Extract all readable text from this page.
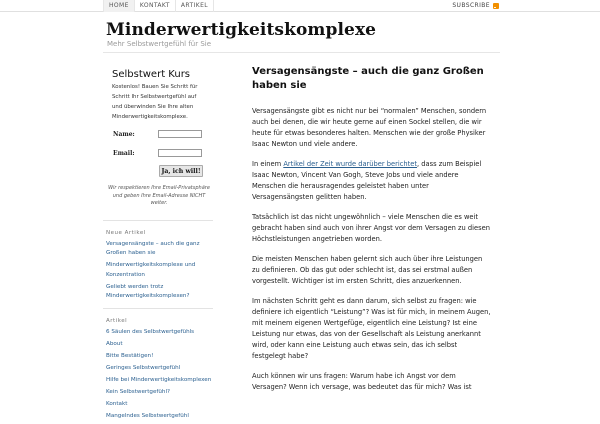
HOME	KONTAKT	ARTIKEL	SUBSCRIBE
Minderwertigkeitskomplexe
Mehr Selbstwertgefühl für Sie
Selbstwert Kurs
Kostenlos! Bauen Sie Schritt für Schritt Ihr Selbstwertgefühl auf und überwinden Sie Ihre alten Minderwertigkeitskomplexe.
Name:
Email:
Ja, ich will!
Wir respektieren Ihre Email-Privatsphäre und geben Ihre Email-Adresse NICHT weiter.
Neue Artikel
Versagensängste – auch die ganz Großen haben sie
Minderwertigkeitskomplexe und Konzentration
Geliebt werden trotz Minderwertigkeitskomplexen?
Artikel
6 Säulen des Selbstwertgefühls
About
Bitte Bestätigen!
Geringes Selbstwertgefühl
Hilfe bei Minderwertigkeitskomplexen
Kein Selbstwertgefühl?
Kontakt
Mangelndes Selbstwertgefühl
Versagensängste – auch die ganz Großen haben sie

Versagensängste gibt es nicht nur bei “normalen” Menschen, sondern auch bei denen, die wir heute gerne auf einen Sockel stellen, die wir heute für etwas besonderes halten. Menschen wie der große Physiker Isaac Newton und viele andere.

In einem Artikel der Zeit wurde darüber berichtet, dass zum Beispiel Isaac Newton, Vincent Van Gogh, Steve Jobs und viele andere Menschen die herausragendes geleistet haben unter Versagensängsten gelitten haben.

Tatsächlich ist das nicht ungewöhnlich – viele Menschen die es weit gebracht haben sind auch von ihrer Angst vor dem Versagen zu diesen Höchstleistungen angetrieben worden.

Die meisten Menschen haben gelernt sich auch über ihre Leistungen zu definieren. Ob das gut oder schlecht ist, das sei erstmal außen vorgestellt. Wichtiger ist im ersten Schritt, dies anzuerkennen.

Im nächsten Schritt geht es dann darum, sich selbst zu fragen: wie definiere ich eigentlich “Leistung”? Was ist für mich, in meinem Augen, mit meinem eigenen Wertgefüge, eigentlich eine Leistung? Ist eine Leistung nur etwas, das von der Gesellschaft als Leistung anerkannt wird, oder kann eine Leistung auch etwas sein, das ich selbst festgelegt habe?

Auch können wir uns fragen: Warum habe ich Angst vor dem Versagen? Wenn ich versage, was bedeutet das für mich? Was ist
